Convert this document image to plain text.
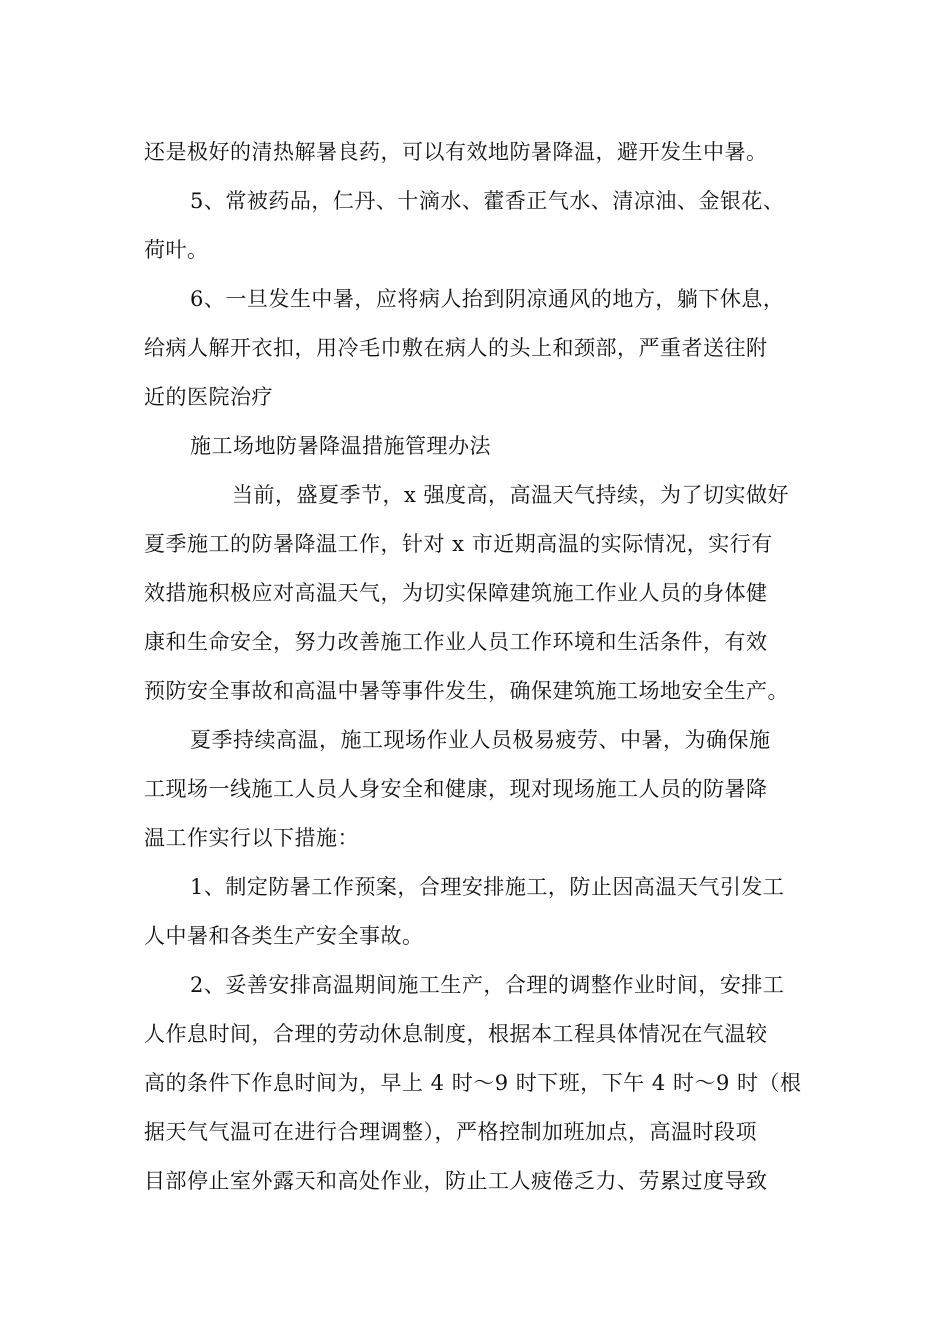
还是极好的清热解暑良药，可以有效地防暑降温，避开发生中暑。
5、常被药品，仁丹、十滴水、藿香正气水、清凉油、金银花、
荷叶。
6、一旦发生中暑，应将病人抬到阴凉通风的地方，躺下休息，
给病人解开衣扣，用冷毛巾敷在病人的头上和颈部，严重者送往附
近的医院治疗
施工场地防暑降温措施管理办法
当前，盛夏季节，x 强度高，高温天气持续，为了切实做好
夏季施工的防暑降温工作，针对 x 市近期高温的实际情况，实行有
效措施积极应对高温天气，为切实保障建筑施工作业人员的身体健
康和生命安全，努力改善施工作业人员工作环境和生活条件，有效
预防安全事故和高温中暑等事件发生，确保建筑施工场地安全生产。
夏季持续高温，施工现场作业人员极易疲劳、中暑，为确保施
工现场一线施工人员人身安全和健康，现对现场施工人员的防暑降
温工作实行以下措施：
1、制定防暑工作预案，合理安排施工，防止因高温天气引发工
人中暑和各类生产安全事故。
2、妥善安排高温期间施工生产，合理的调整作业时间，安排工
人作息时间，合理的劳动休息制度，根据本工程具体情况在气温较
高的条件下作息时间为，早上 4 时～9 时下班，下午 4 时～9 时（根
据天气气温可在进行合理调整），严格控制加班加点，高温时段项
目部停止室外露天和高处作业，防止工人疲倦乏力、劳累过度导致
